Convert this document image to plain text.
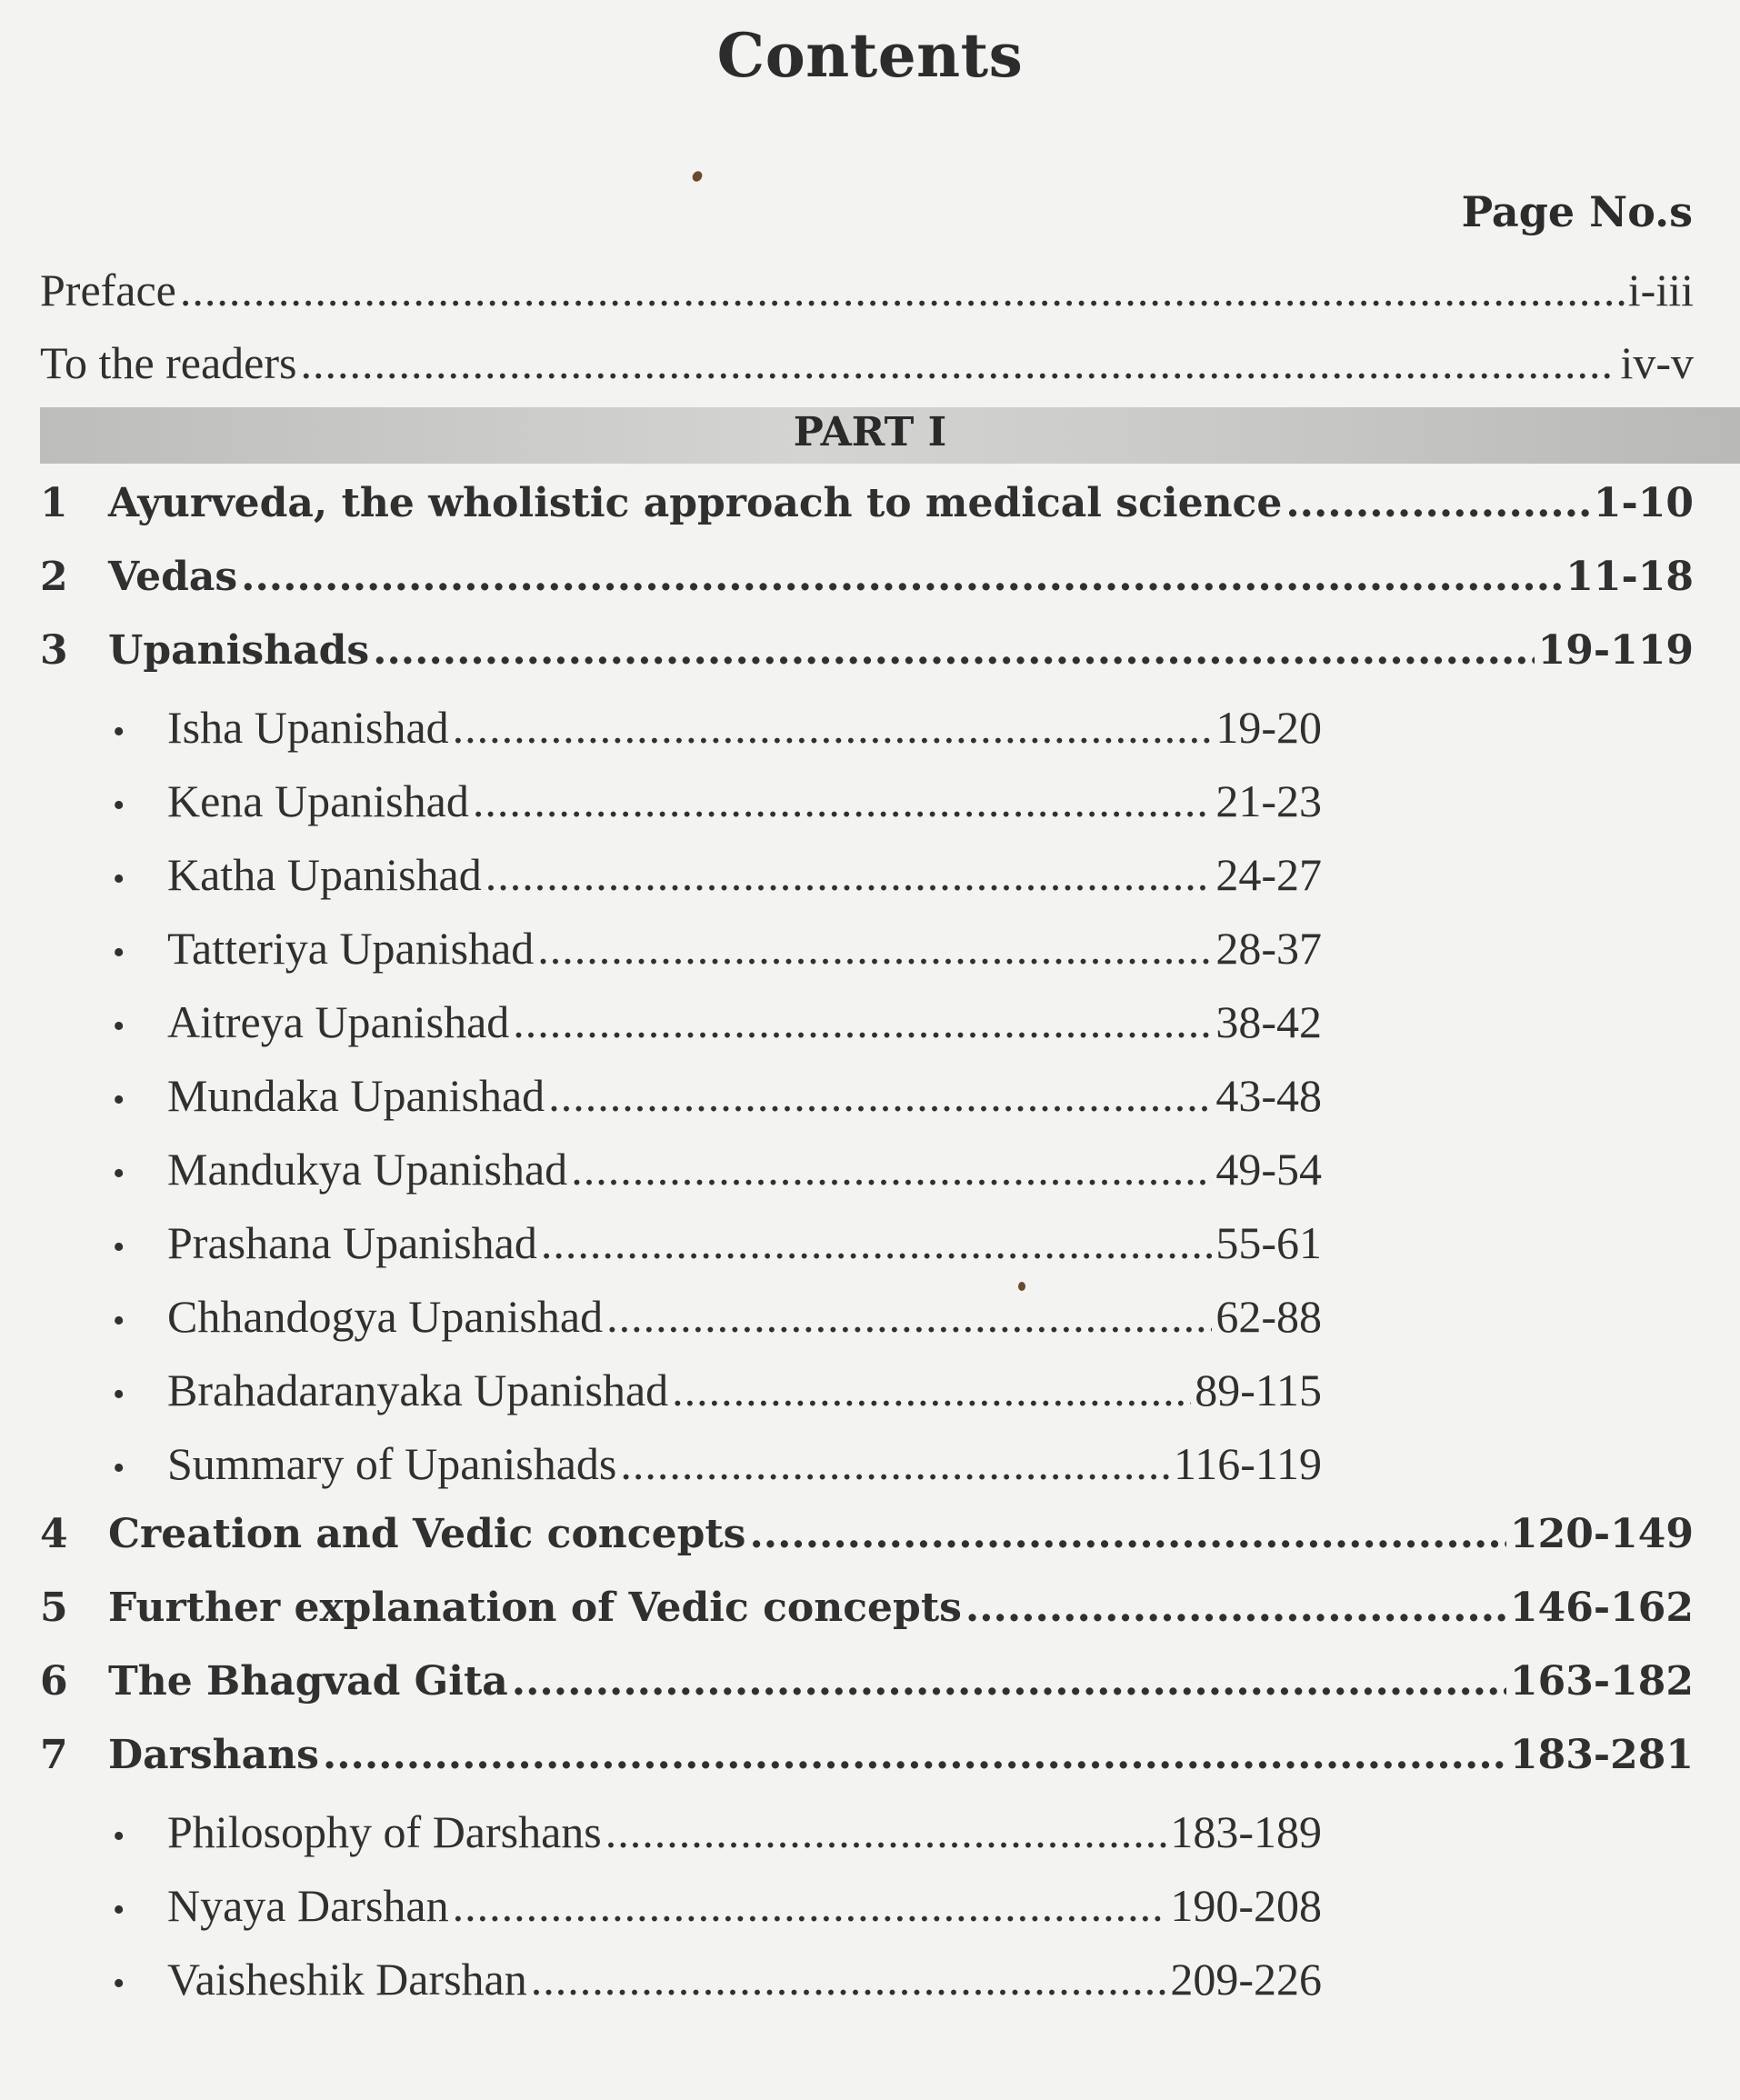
Contents
Page No.s
Preface .....	i-iii
To the readers .....	iv-v
PART I
1	Ayurveda, the wholistic approach to medical science .....	1-10
2	Vedas .....	11-18
3	Upanishads .....	19-119
• Isha Upanishad .....	19-20
• Kena Upanishad .....	21-23
• Katha Upanishad .....	24-27
• Tatteriya Upanishad .....	28-37
• Aitreya Upanishad .....	38-42
• Mundaka Upanishad .....	43-48
• Mandukya Upanishad .....	49-54
• Prashana Upanishad .....	55-61
• Chhandogya Upanishad .....	62-88
• Brahadaranyaka Upanishad .....	89-115
• Summary of Upanishads .....	116-119
4	Creation and Vedic concepts .....	120-149
5	Further explanation of Vedic concepts .....	146-162
6	The Bhagvad Gita .....	163-182
7	Darshans .....	183-281
• Philosophy of Darshans .....	183-189
• Nyaya Darshan .....	190-208
• Vaisheshik Darshan .....	209-226
